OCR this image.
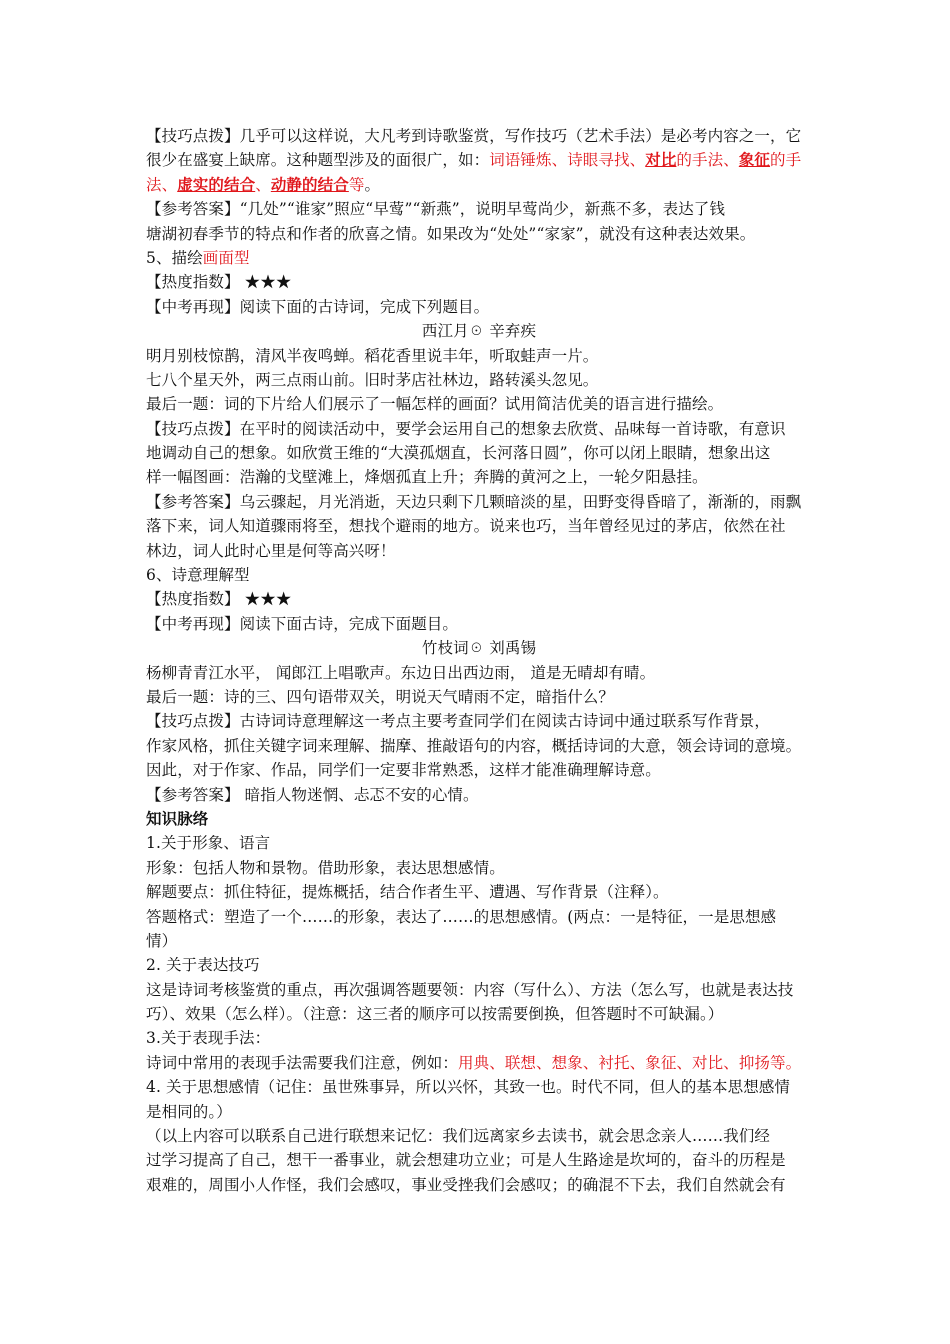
【技巧点拨】几乎可以这样说，大凡考到诗歌鉴赏，写作技巧（艺术手法）是必考内容之一，它
很少在盛宴上缺席。这种题型涉及的面很广，如：词语锤炼、诗眼寻找、对比的手法、象征的手
法、虚实的结合、动静的结合等。
【参考答案】“几处”“谁家”照应“早莺”“新燕”，说明早莺尚少，新燕不多，表达了钱
塘湖初春季节的特点和作者的欣喜之情。如果改为“处处”“家家”，就没有这种表达效果。
5、描绘画面型
【热度指数】 ★★★
【中考再现】阅读下面的古诗词，完成下列题目。
西江月☉ 辛弃疾
明月别枝惊鹊，清风半夜鸣蝉。稻花香里说丰年，听取蛙声一片。
七八个星天外，两三点雨山前。旧时茅店社林边，路转溪头忽见。
最后一题：词的下片给人们展示了一幅怎样的画面？试用简洁优美的语言进行描绘。
【技巧点拨】在平时的阅读活动中，要学会运用自己的想象去欣赏、品味每一首诗歌，有意识
地调动自己的想象。如欣赏王维的“大漠孤烟直，长河落日圆”，你可以闭上眼睛，想象出这
样一幅图画：浩瀚的戈壁滩上，烽烟孤直上升；奔腾的黄河之上，一轮夕阳悬挂。
【参考答案】乌云骤起，月光消逝，天边只剩下几颗暗淡的星，田野变得昏暗了，渐渐的，雨飘
落下来，词人知道骤雨将至，想找个避雨的地方。说来也巧，当年曾经见过的茅店，依然在社
林边，词人此时心里是何等高兴呀！
6、诗意理解型
【热度指数】 ★★★
【中考再现】阅读下面古诗，完成下面题目。
竹枝词☉ 刘禹锡
杨柳青青江水平， 闻郎江上唱歌声。东边日出西边雨， 道是无晴却有晴。
最后一题：诗的三、四句语带双关，明说天气晴雨不定，暗指什么？
【技巧点拨】古诗词诗意理解这一考点主要考查同学们在阅读古诗词中通过联系写作背景，
作家风格，抓住关键字词来理解、揣摩、推敲语句的内容，概括诗词的大意，领会诗词的意境。
因此，对于作家、作品，同学们一定要非常熟悉，这样才能准确理解诗意。
【参考答案】 暗指人物迷惘、忐忑不安的心情。
知识脉络
1.关于形象、语言
形象：包括人物和景物。借助形象，表达思想感情。
解题要点：抓住特征，提炼概括，结合作者生平、遭遇、写作背景（注释）。
答题格式：塑造了一个……的形象，表达了……的思想感情。(两点：一是特征，一是思想感
情）
2. 关于表达技巧
这是诗词考核鉴赏的重点，再次强调答题要领：内容（写什么）、方法（怎么写，也就是表达技
巧）、效果（怎么样）。（注意：这三者的顺序可以按需要倒换，但答题时不可缺漏。）
3.关于表现手法：
诗词中常用的表现手法需要我们注意，例如：用典、联想、想象、衬托、象征、对比、抑扬等。
4. 关于思想感情（记住：虽世殊事异，所以兴怀，其致一也。时代不同，但人的基本思想感情
是相同的。）
（以上内容可以联系自己进行联想来记忆：我们远离家乡去读书，就会思念亲人……我们经
过学习提高了自己，想干一番事业，就会想建功立业；可是人生路途是坎坷的，奋斗的历程是
艰难的，周围小人作怪，我们会感叹，事业受挫我们会感叹；的确混不下去，我们自然就会有
